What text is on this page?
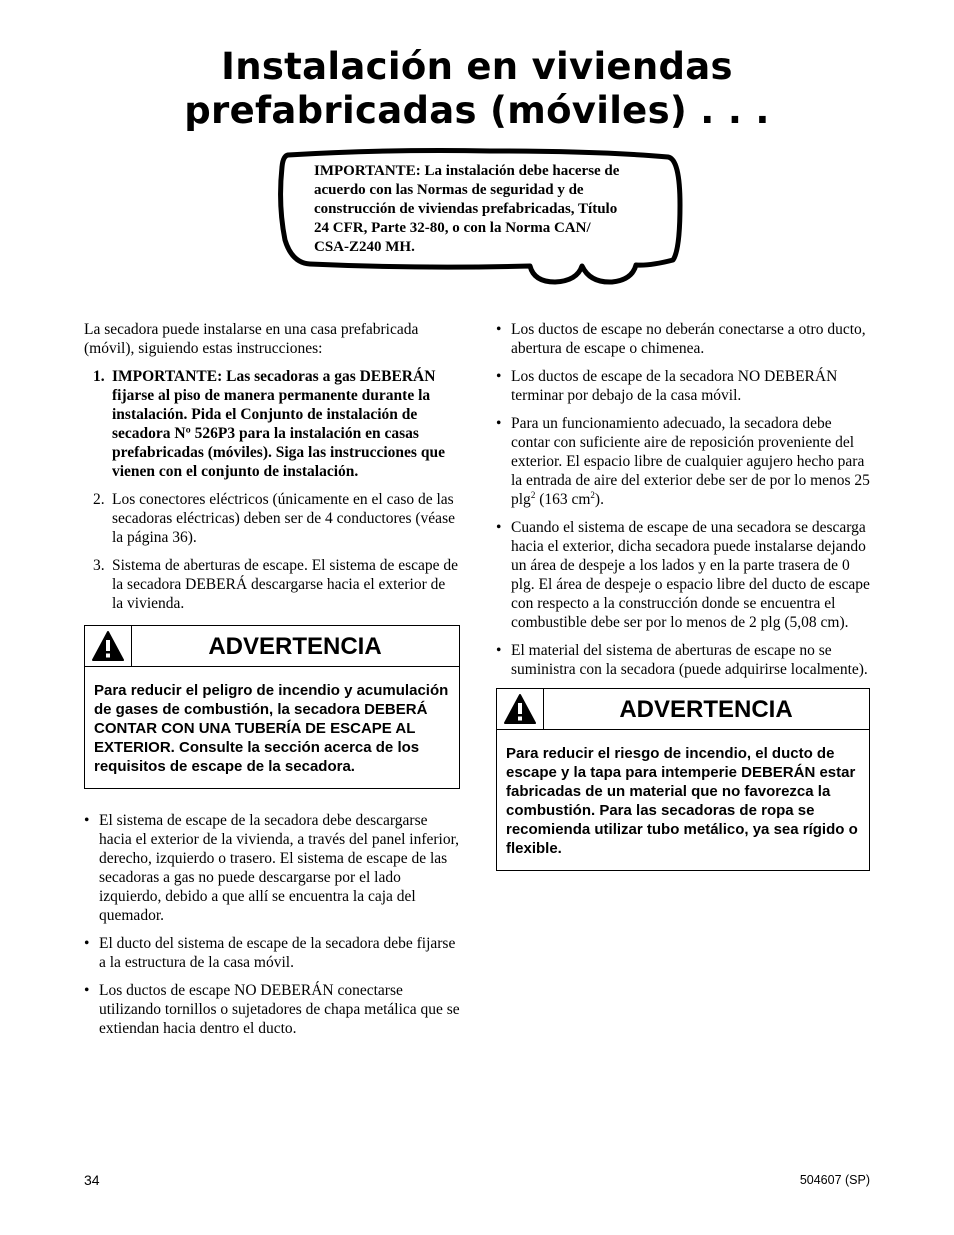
Instalación en viviendas
prefabricadas (móviles) . . .
IMPORTANTE: La instalación debe hacerse de
acuerdo con las Normas de seguridad y de
construcción de viviendas prefabricadas, Título
24 CFR, Parte 32-80, o con la Norma CAN/
CSA-Z240 MH.

La secadora puede instalarse en una casa prefabricada (móvil), siguiendo estas instrucciones:

1. IMPORTANTE: Las secadoras a gas DEBERÁN fijarse al piso de manera permanente durante la instalación. Pida el Conjunto de instalación de secadora Nº 526P3 para la instalación en casas prefabricadas (móviles). Siga las instrucciones que vienen con el conjunto de instalación.
2. Los conectores eléctricos (únicamente en el caso de las secadoras eléctricas) deben ser de 4 conductores (véase la página 36).
3. Sistema de aberturas de escape. El sistema de escape de la secadora DEBERÁ descargarse hacia el exterior de la vivienda.
ADVERTENCIA
Para reducir el peligro de incendio y acumulación de gases de combustión, la secadora DEBERÁ CONTAR CON UNA TUBERÍA DE ESCAPE AL EXTERIOR. Consulte la sección acerca de los requisitos de escape de la secadora.
• El sistema de escape de la secadora debe descargarse hacia el exterior de la vivienda, a través del panel inferior, derecho, izquierdo o trasero. El sistema de escape de las secadoras a gas no puede descargarse por el lado izquierdo, debido a que allí se encuentra la caja del quemador.
• El ducto del sistema de escape de la secadora debe fijarse a la estructura de la casa móvil.
• Los ductos de escape NO DEBERÁN conectarse utilizando tornillos o sujetadores de chapa metálica que se extiendan hacia dentro el ducto.
• Los ductos de escape no deberán conectarse a otro ducto, abertura de escape o chimenea.
• Los ductos de escape de la secadora NO DEBERÁN terminar por debajo de la casa móvil.
• Para un funcionamiento adecuado, la secadora debe contar con suficiente aire de reposición proveniente del exterior. El espacio libre de cualquier agujero hecho para la entrada de aire del exterior debe ser de por lo menos 25 plg$^2$ (163 $cm^2$).
• Cuando el sistema de escape de una secadora se descarga hacia el exterior, dicha secadora puede instalarse dejando un área de despeje a los lados y en la parte trasera de 0 plg. El área de despeje o espacio libre del ducto de escape con respecto a la construcción donde se encuentra el combustible debe ser por lo menos de 2 plg (5,08 cm).
• El material del sistema de aberturas de escape no se suministra con la secadora (puede adquirirse localmente).
ADVERTENCIA
Para reducir el riesgo de incendio, el ducto de escape y la tapa para intemperie DEBERÁN estar fabricadas de un material que no favorezca la combustión. Para las secadoras de ropa se recomienda utilizar tubo metálico, ya sea rígido o flexible.
34	504607 (SP)
